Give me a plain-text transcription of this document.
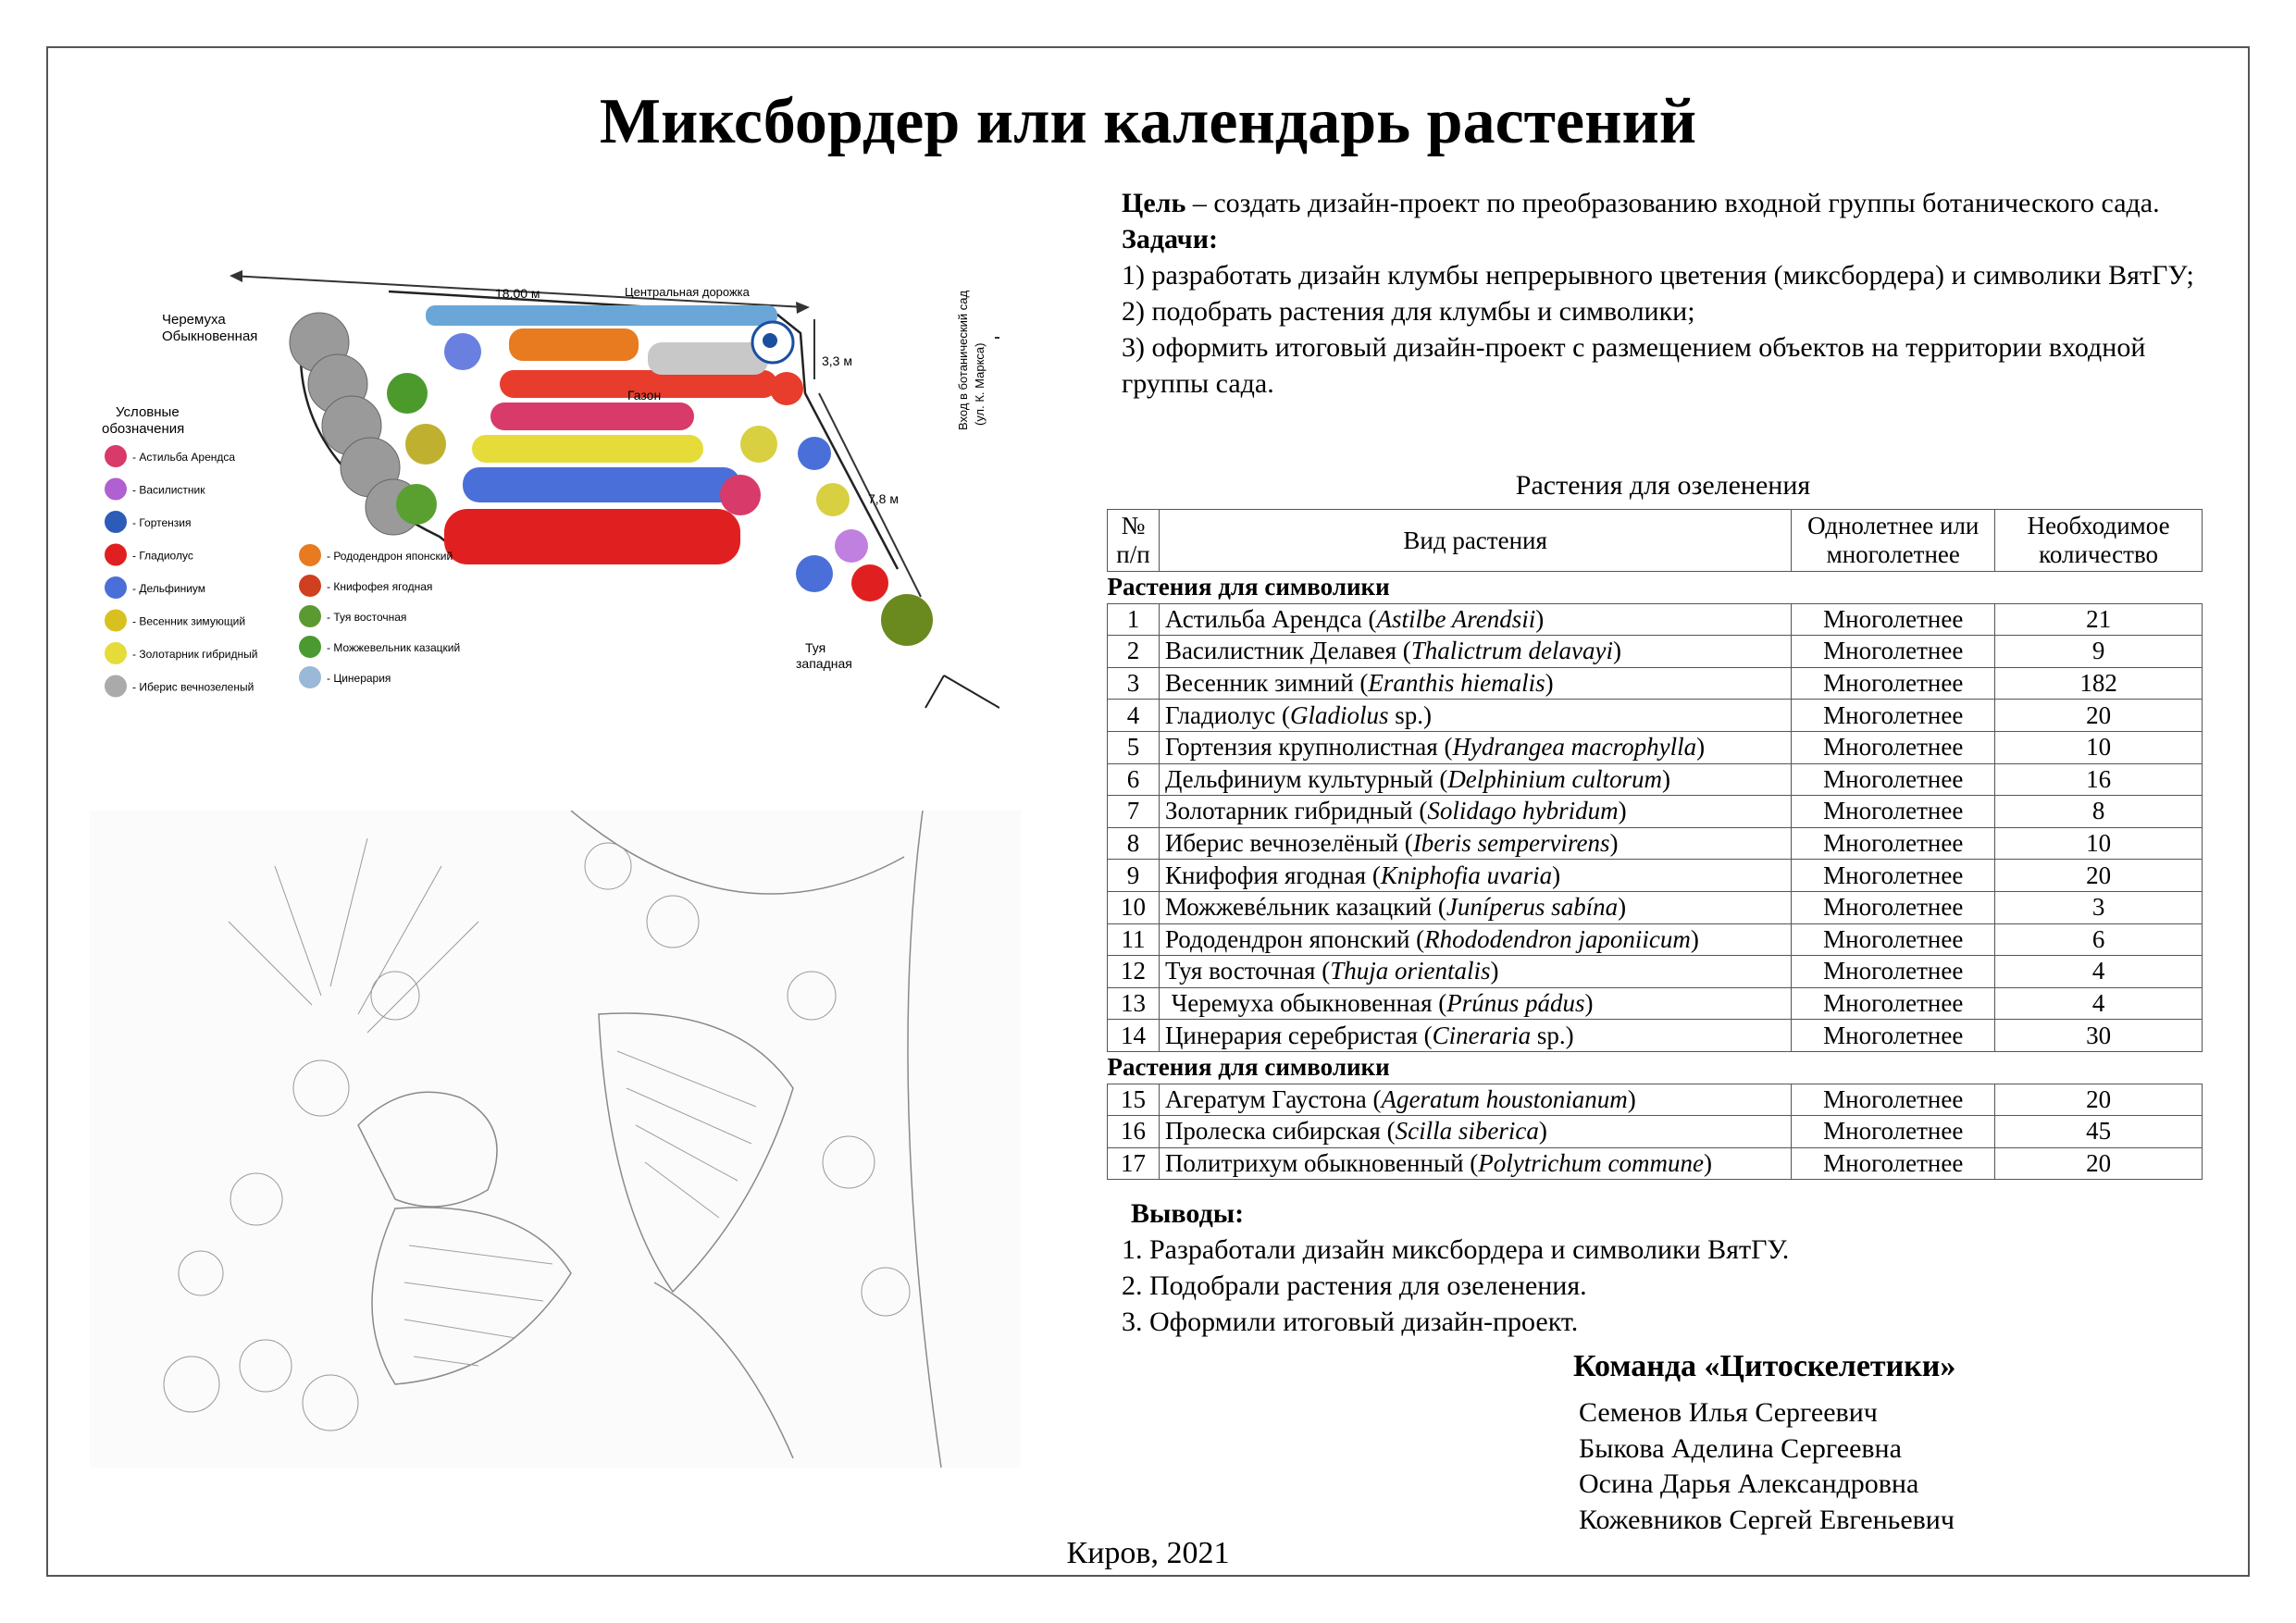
Миксбордер или календарь растений
18.00 м	Центральная дорожка
3,3 м
7,8 м
Газон
Черемуха Обыкновенная
Туя западная
Вход в ботанический сад (ул. К. Маркса)
Условные обозначения
- Астильба Арендса
- Василистник
- Гортензия
- Гладиолус
- Дельфиниум
- Весенник зимующий
- Золотарник гибридный
- Иберис вечнозеленый
- Рододендрон японский
- Книфофея ягодная
- Туя восточная
- Можжевельник казацкий
- Цинерария

Цель – создать дизайн-проект по преобразованию входной группы ботанического сада.

Задачи:

1) разработать дизайн клумбы непрерывного цветения (миксбордера) и символики ВятГУ;

2) подобрать растения для клумбы и символики;

3) оформить итоговый дизайн-проект с размещением объектов на территории входной группы сада.

Растения для озеленения
№ п/п	Вид растения	Однолетнее или многолетнее	Необходимое количество
Растения для символики			
1	Астильба Арендса (Astilbe Arendsii)	Многолетнее	21
2	Василистник Делавея (Thalictrum delavayi)	Многолетнее	9
3	Весенник зимний (Eranthis hiemalis)	Многолетнее	182
4	Гладиолус (Gladiolus sp.)	Многолетнее	20
5	Гортензия крупнолистная (Hydrangea macrophylla)	Многолетнее	10
6	Дельфиниум культурный (Delphinium cultorum)	Многолетнее	16
7	Золотарник гибридный (Solidago hybridum)	Многолетнее	8
8	Иберис вечнозелёный (Iberis sempervirens)	Многолетнее	10
9	Книфофия ягодная (Kniphofia uvaria)	Многолетнее	20
10	Можжевéльник казацкий (Juníperus sabína)	Многолетнее	3
11	Рододендрон японский (Rhododendron japoniicum)	Многолетнее	6
12	Туя восточная (Thuja orientalis)	Многолетнее	4
13	Черемуха обыкновенная (Prúnus pádus)	Многолетнее	4
14	Цинерария серебристая (Cineraria sp.)	Многолетнее	30
Растения для символики			
15	Агератум Гаустона (Ageratum houstonianum)	Многолетнее	20
16	Пролеска сибирская (Scilla siberica)	Многолетнее	45
17	Политрихум обыкновенный (Polytrichum commune)	Многолетнее	20
Выводы:
1. Разработали дизайн миксбордера и символики ВятГУ.
2. Подобрали растения для озеленения.
3. Оформили итоговый дизайн-проект.
Команда «Цитоскелетики»
Семенов Илья Сергеевич
Быкова Аделина Сергеевна
Осина Дарья Александровна
Кожевников Сергей Евгеньевич
Киров, 2021
